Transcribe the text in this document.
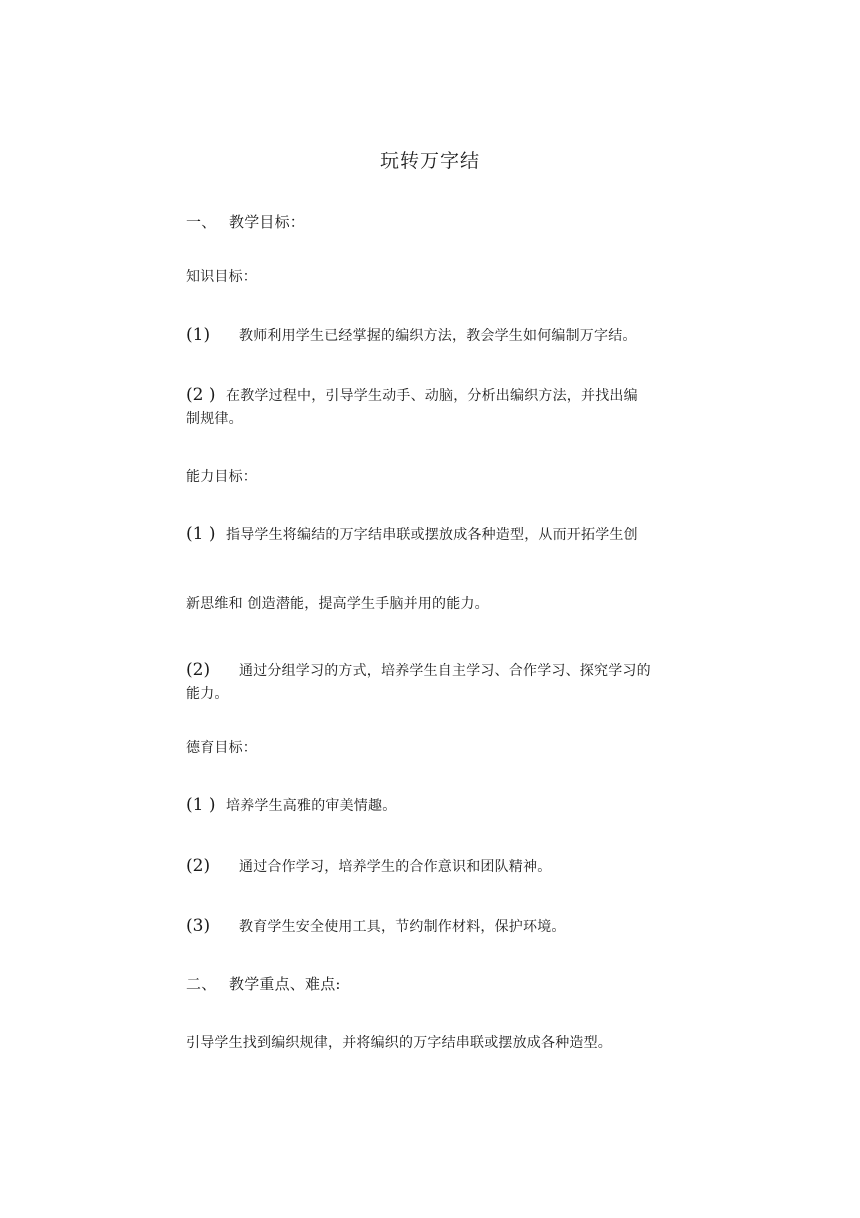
玩转万字结
一、 教学目标：
知识目标：
(1) 教师利用学生已经掌握的编织方法，教会学生如何编制万字结。
(2 ) 在教学过程中，引导学生动手、动脑，分析出编织方法，并找出编
制规律。
能力目标：
(1 ) 指导学生将编结的万字结串联或摆放成各种造型，从而开拓学生创
新思维和 创造潜能，提高学生手脑并用的能力。
(2) 通过分组学习的方式，培养学生自主学习、合作学习、探究学习的
能力。
德育目标：
(1 ) 培养学生高雅的审美情趣。
(2) 通过合作学习，培养学生的合作意识和团队精神。
(3) 教育学生安全使用工具，节约制作材料，保护环境。
二、 教学重点、难点:
引导学生找到编织规律，并将编织的万字结串联或摆放成各种造型。
